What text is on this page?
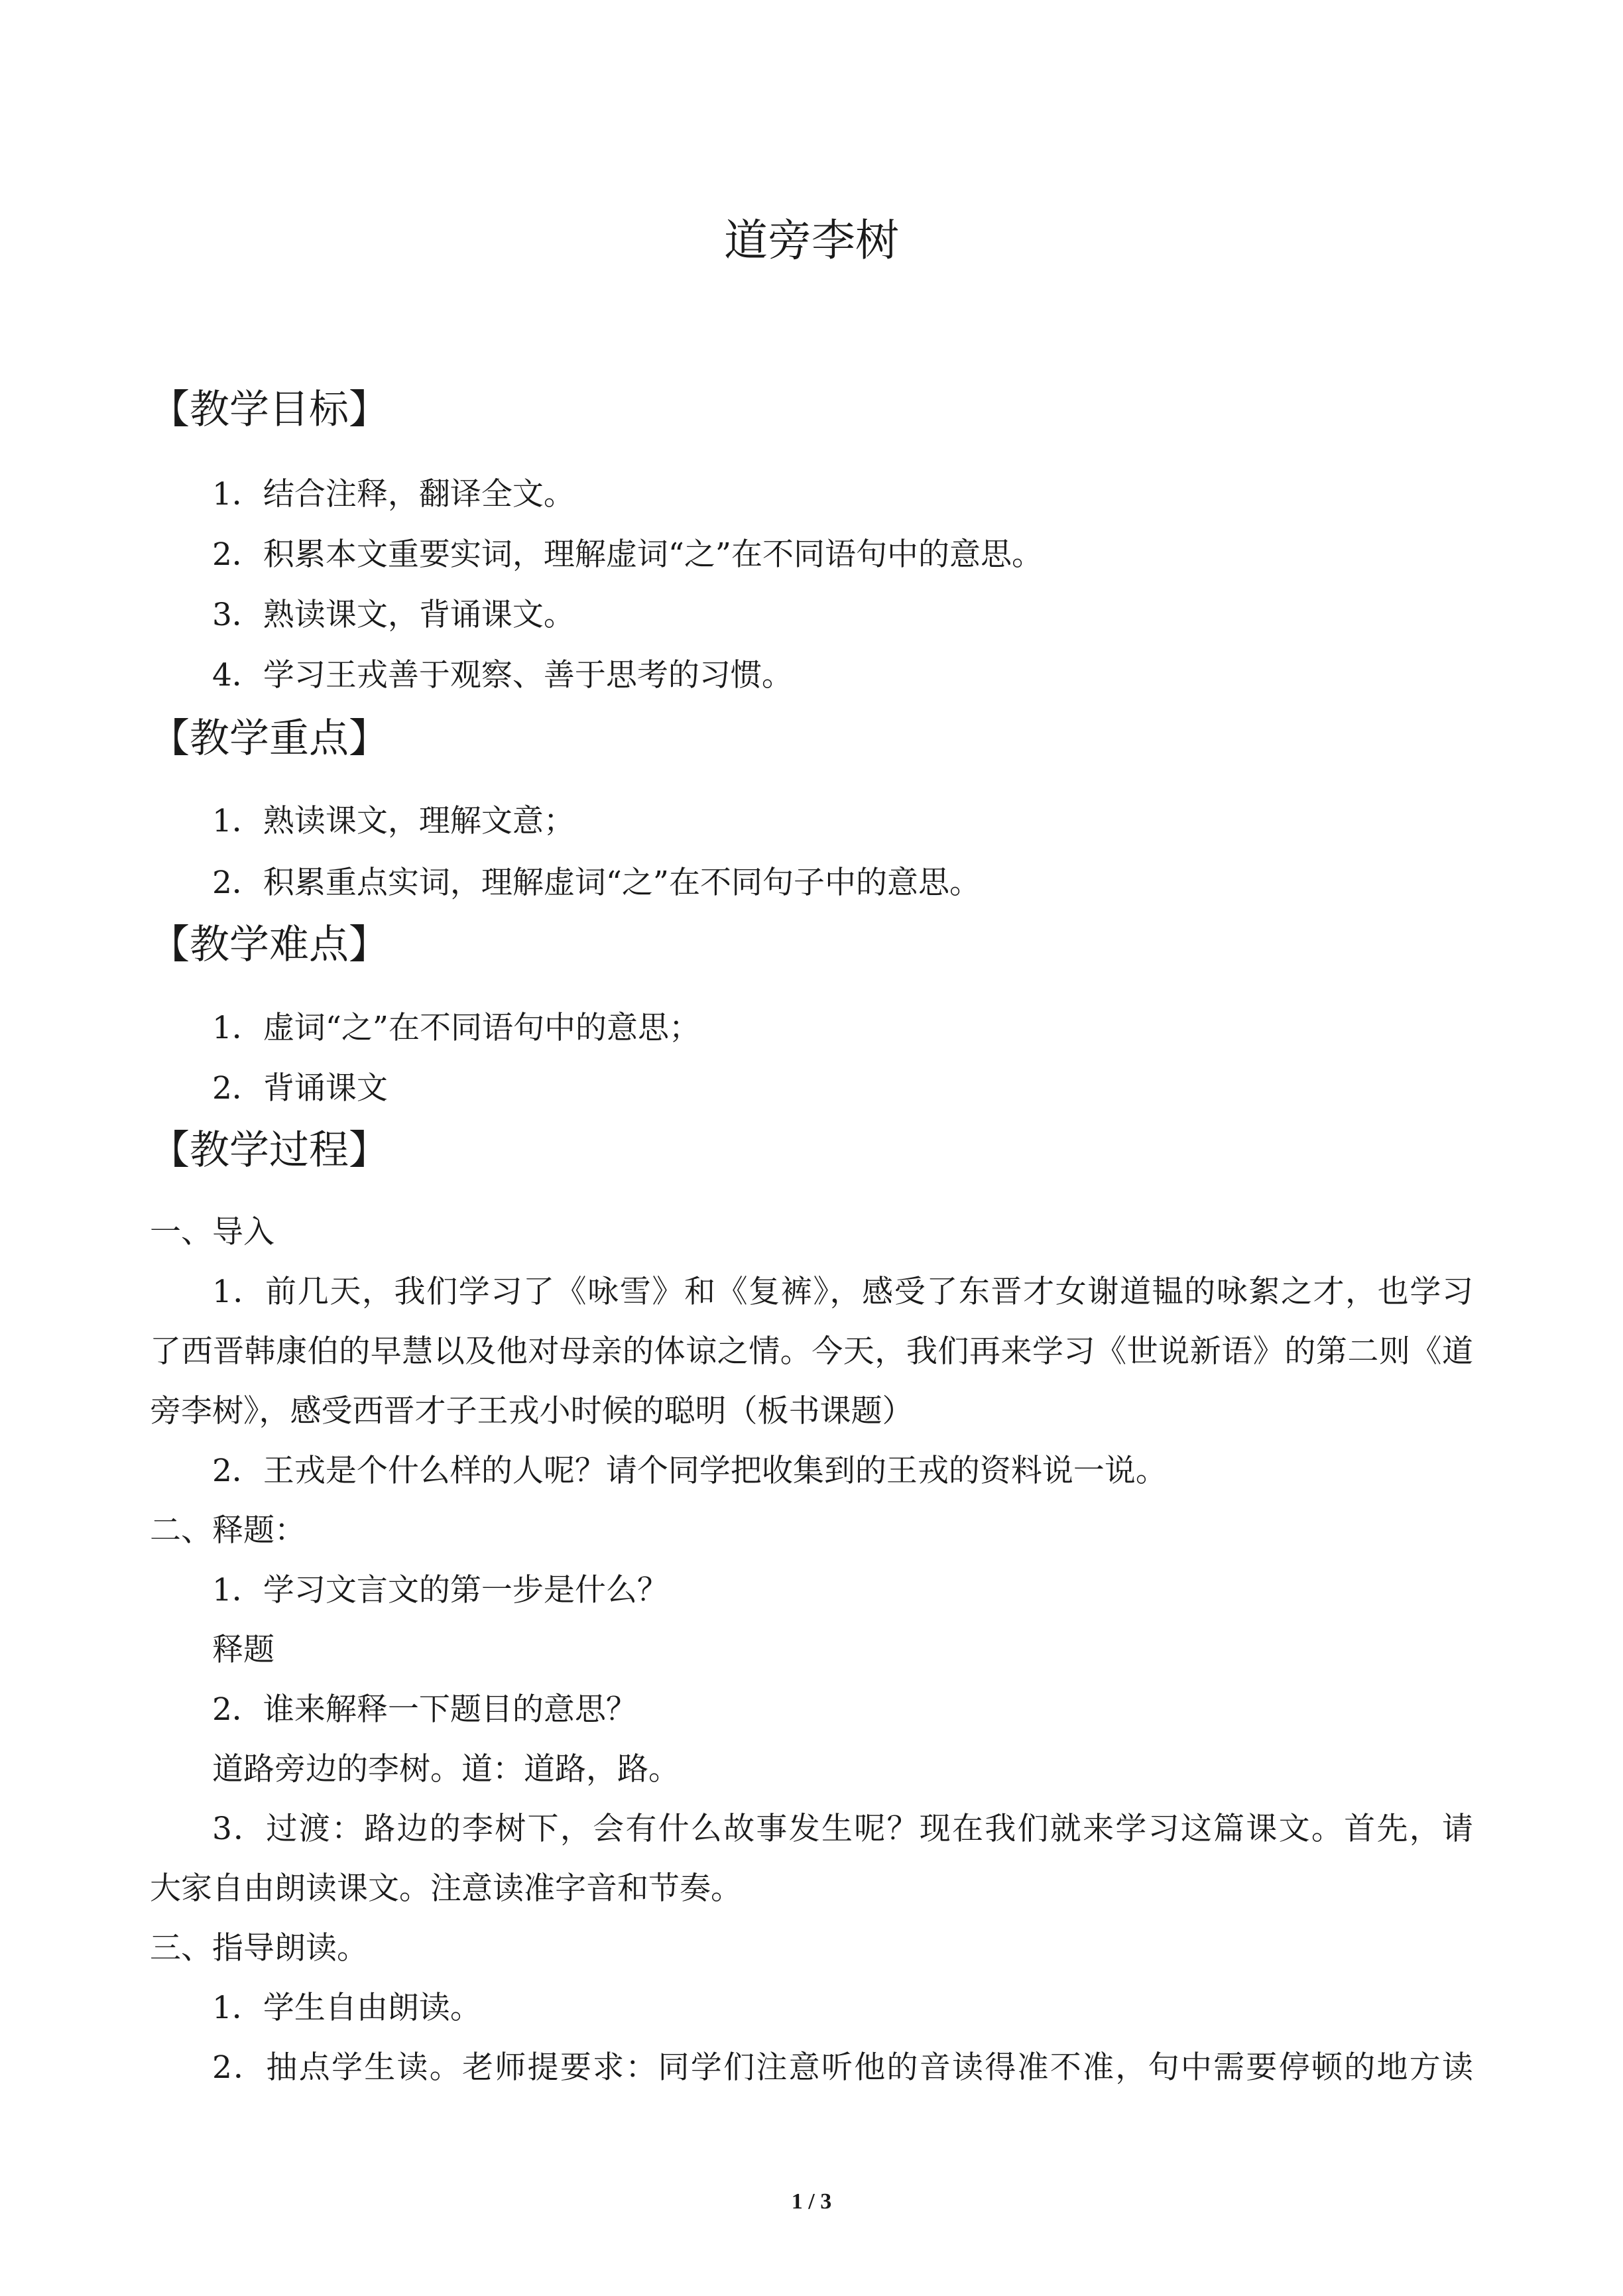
道旁李树
【教学目标】
1．结合注释，翻译全文。
2．积累本文重要实词，理解虚词“之”在不同语句中的意思。
3．熟读课文，背诵课文。
4．学习王戎善于观察、善于思考的习惯。
【教学重点】
1．熟读课文，理解文意；
2．积累重点实词，理解虚词“之”在不同句子中的意思。
【教学难点】
1．虚词“之”在不同语句中的意思；
2．背诵课文
【教学过程】
一、导入
1．前几天，我们学习了《咏雪》和《复裤》，感受了东晋才女谢道韫的咏絮之才，也学习
了西晋韩康伯的早慧以及他对母亲的体谅之情。今天，我们再来学习《世说新语》的第二则《道
旁李树》，感受西晋才子王戎小时候的聪明（板书课题）
2．王戎是个什么样的人呢？请个同学把收集到的王戎的资料说一说。
二、释题：
1．学习文言文的第一步是什么？
释题
2．谁来解释一下题目的意思？
道路旁边的李树。道：道路，路。
3．过渡：路边的李树下，会有什么故事发生呢？现在我们就来学习这篇课文。首先，请
大家自由朗读课文。注意读准字音和节奏。
三、指导朗读。
1．学生自由朗读。
2．抽点学生读。老师提要求：同学们注意听他的音读得准不准，句中需要停顿的地方读
1 / 3
